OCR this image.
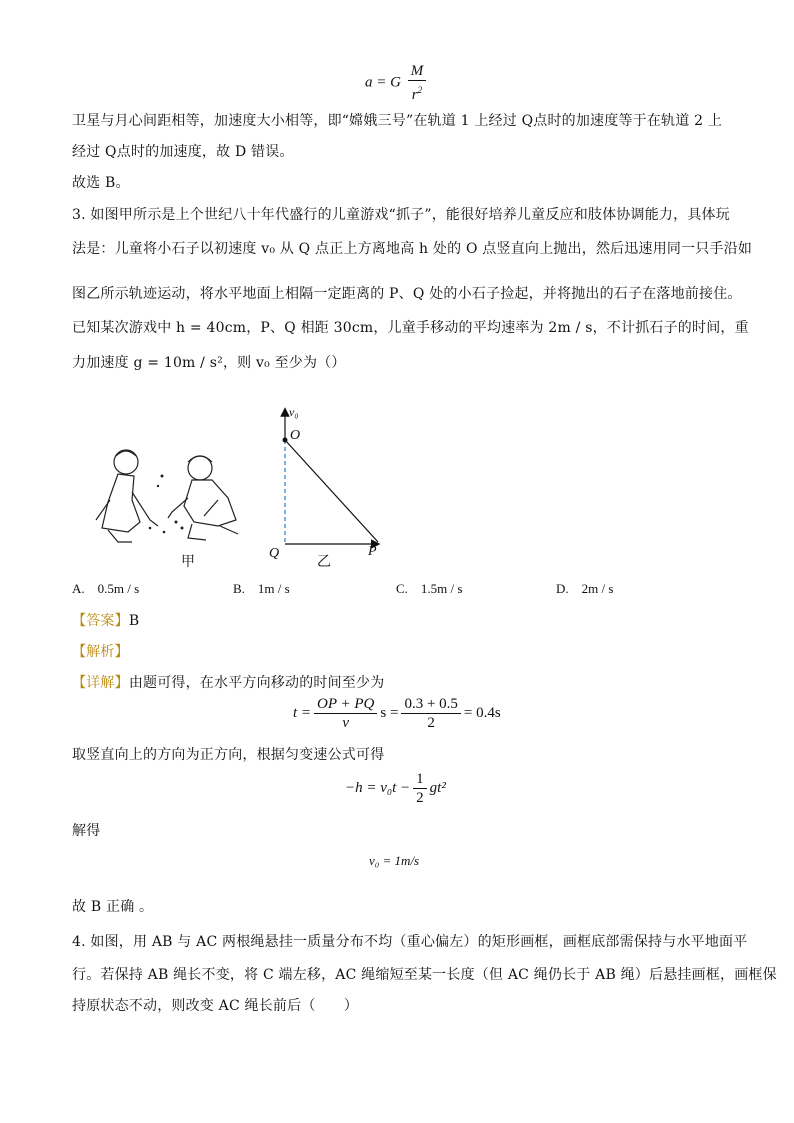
a = G $\frac{M}{r^2}$
卫星与月心间距相等，加速度大小相等，即“嫦娥三号”在轨道 1 上经过 Q点时的加速度等于在轨道 2 上
经过 Q点时的加速度，故 D 错误。
故选 B。
3. 如图甲所示是上个世纪八十年代盛行的儿童游戏“抓子”，能很好培养儿童反应和肢体协调能力，具体玩
法是：儿童将小石子以初速度 v₀ 从 Q 点正上方离地高 h 处的 O 点竖直向上抛出，然后迅速用同一只手沿如
图乙所示轨迹运动，将水平地面上相隔一定距离的 P、Q 处的小石子捡起，并将抛出的石子在落地前接住。
已知某次游戏中 h = 40cm，P、Q 相距 30cm，儿童手移动的平均速率为 2m / s，不计抓石子的时间，重
力加速度 g = 10m / s²，则 v₀ 至少为（）
甲
v₀
O
Q
乙
P
A.　0.5m / s	B.　1m / s	C.　1.5m / s	D.　2m / s
【答案】B
【解析】
【详解】由题可得，在水平方向移动的时间至少为
$t = \frac{OP + PQ}{v}$ $s = \frac{0.3 + 0.5}{2} = 0.4s$
取竖直向上的方向为正方向，根据匀变速公式可得
$-h = v_0t - \frac{1}{2} gt^2$
解得
v₀ = 1m/s
故 B 正确 。
4. 如图，用 AB 与 AC 两根绳悬挂一质量分布不均（重心偏左）的矩形画框，画框底部需保持与水平地面平
行。若保持 AB 绳长不变，将 C 端左移，AC 绳缩短至某一长度（但 AC 绳仍长于 AB 绳）后悬挂画框，画框保
持原状态不动，则改变 AC 绳长前后（　　）
